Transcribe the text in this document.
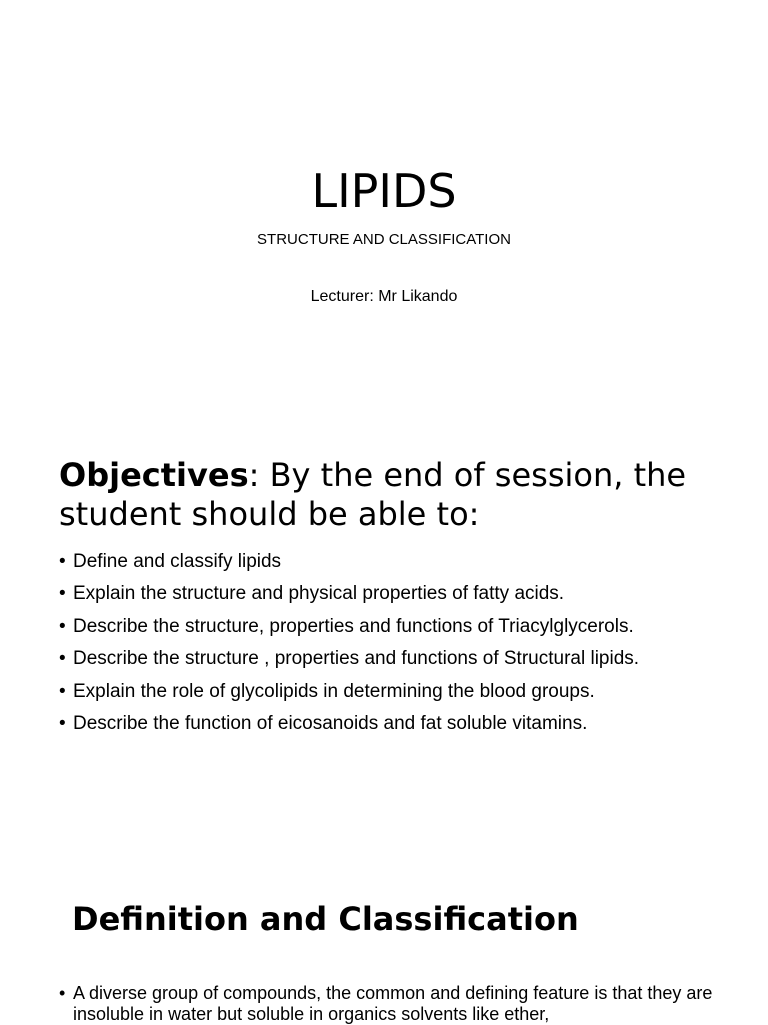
LIPIDS
STRUCTURE AND CLASSIFICATION
Lecturer: Mr Likando
Objectives: By the end of session, the student should be able to:
• Define and classify lipids
• Explain the structure and physical properties of fatty acids.
• Describe the structure, properties and functions of Triacylglycerols.
• Describe the structure , properties and functions of Structural lipids.
• Explain the role of glycolipids in determining the blood groups.
• Describe the function of eicosanoids and fat soluble vitamins.
Definition and Classification
• A diverse group of compounds, the common and defining feature is that they are insoluble in water but soluble in organics solvents like ether,
